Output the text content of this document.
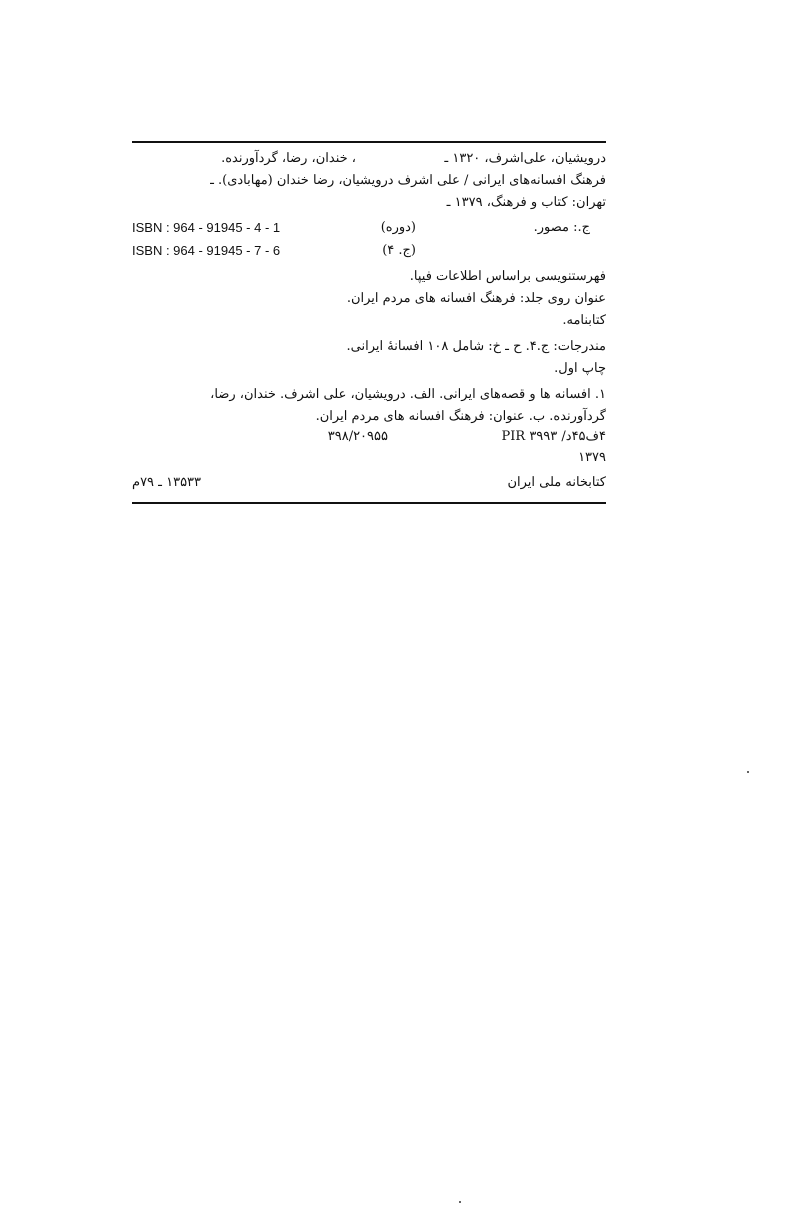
درویشیان، علی‌اشرف، ۱۳۲۰ ـ
، خندان، رضا، گردآورنده.
فرهنگ افسانه‌های ایرانی / علی اشرف درویشیان، رضا خندان (مهابادی). ـ
تهران: کتاب و فرهنگ، ۱۳۷۹ ـ
ج.: مصور.
(دوره)
ISBN : 964 - 91945 - 4 - 1
(ج. ۴)
ISBN : 964 - 91945 - 7 - 6
فهرستنویسی براساس اطلاعات فیپا.
عنوان روی جلد: فرهنگ افسانه های مردم ایران.
کتابنامه.
مندرجات: ج.۴. ح ـ خ: شامل ۱۰۸ افسانهٔ ایرانی.
چاپ اول.
۱. افسانه ها و قصه‌های ایرانی. الف. درویشیان، علی اشرف. خندان، رضا،
گردآورنده. ب. عنوان: فرهنگ افسانه های مردم ایران.
۴ف۴۵د/ PIR ۳۹۹۳
۳۹۸/۲۰۹۵۵
۱۳۷۹
کتابخانه ملی ایران
۱۳۵۳۳ ـ ۷۹م
